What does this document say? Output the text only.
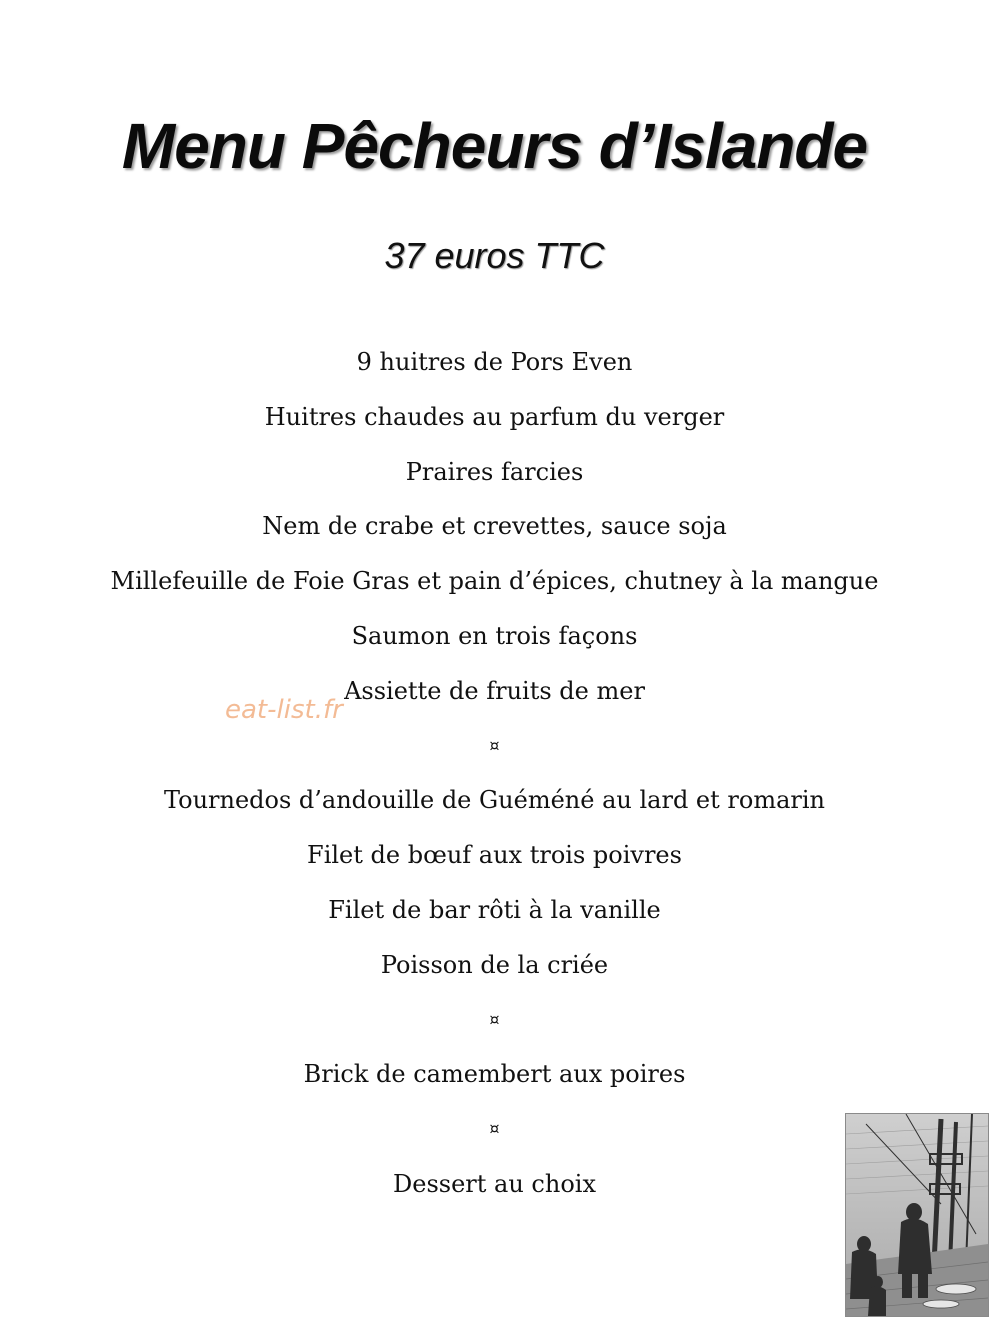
Menu Pêcheurs d’Islande
37 euros TTC
9 huitres de Pors Even
Huitres chaudes au parfum du verger
Praires farcies
Nem de crabe et crevettes, sauce soja
Millefeuille de Foie Gras et pain d’épices, chutney à la mangue
Saumon en trois façons
Assiette de fruits de mer
¤
Tournedos d’andouille de Guéméné au lard et romarin
Filet de bœuf aux trois poivres
Filet de bar rôti à la vanille
Poisson de la criée
¤
Brick de camembert aux poires
¤
Dessert au choix
eat-list.fr
